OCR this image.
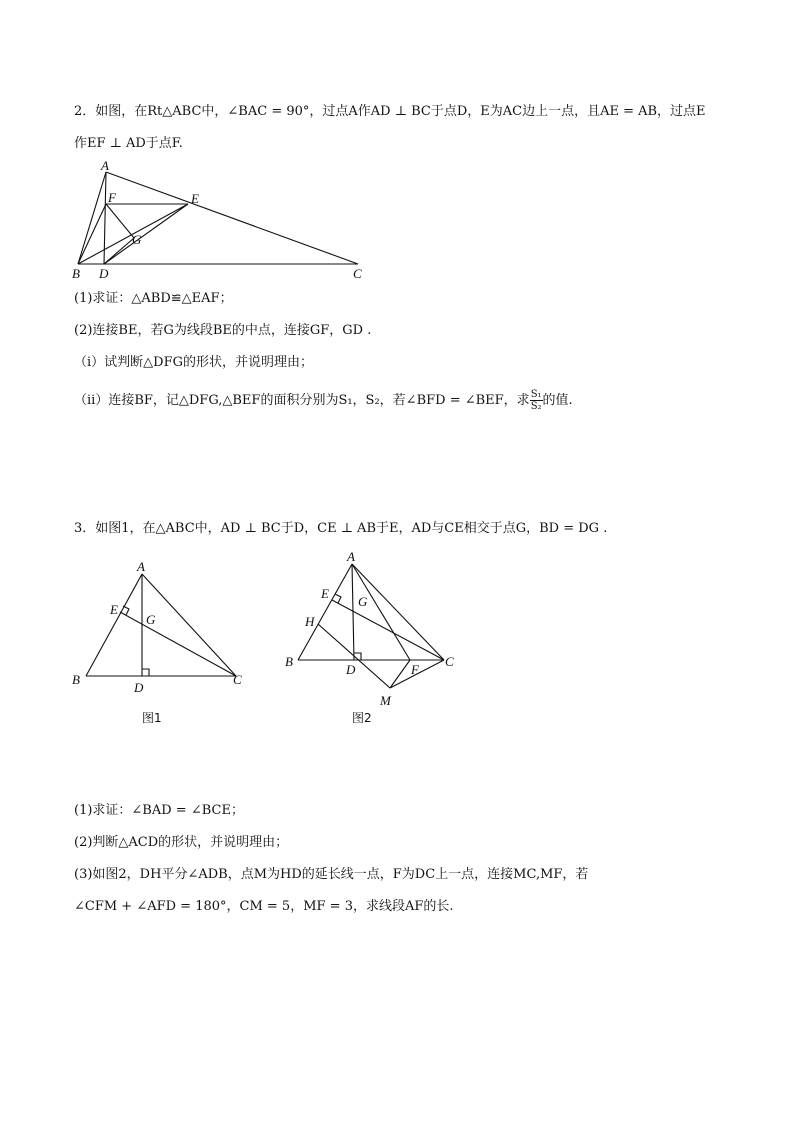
2．如图，在Rt△ABC中，∠BAC = 90°，过点A作AD ⊥ BC于点D，E为AC边上一点，且AE = AB，过点E
作EF ⊥ AD于点F.
A
B	C
D
E
F
G
(1)求证：△ABD≌△EAF；
(2)连接BE，若G为线段BE的中点，连接GF，GD .
（i）试判断△DFG的形状，并说明理由；
（ii）连接BF，记△DFG,△BEF的面积分别为S₁，S₂，若∠BFD = ∠BEF，求 $\frac{\text{S₁}}{\text{S₂}}$ 的值.
3．如图1，在△ABC中，AD ⊥ BC于D，CE ⊥ AB于E，AD与CE相交于点G，BD = DG .
A
B	C
D
E
G
图1
A
B	C
D
E
F
G
H
M
图2
(1)求证：∠BAD = ∠BCE；
(2)判断△ACD的形状，并说明理由；
(3)如图2，DH平分∠ADB，点M为HD的延长线一点，F为DC上一点，连接MC,MF，若
∠CFM + ∠AFD = 180°，CM = 5，MF = 3，求线段AF的长.
